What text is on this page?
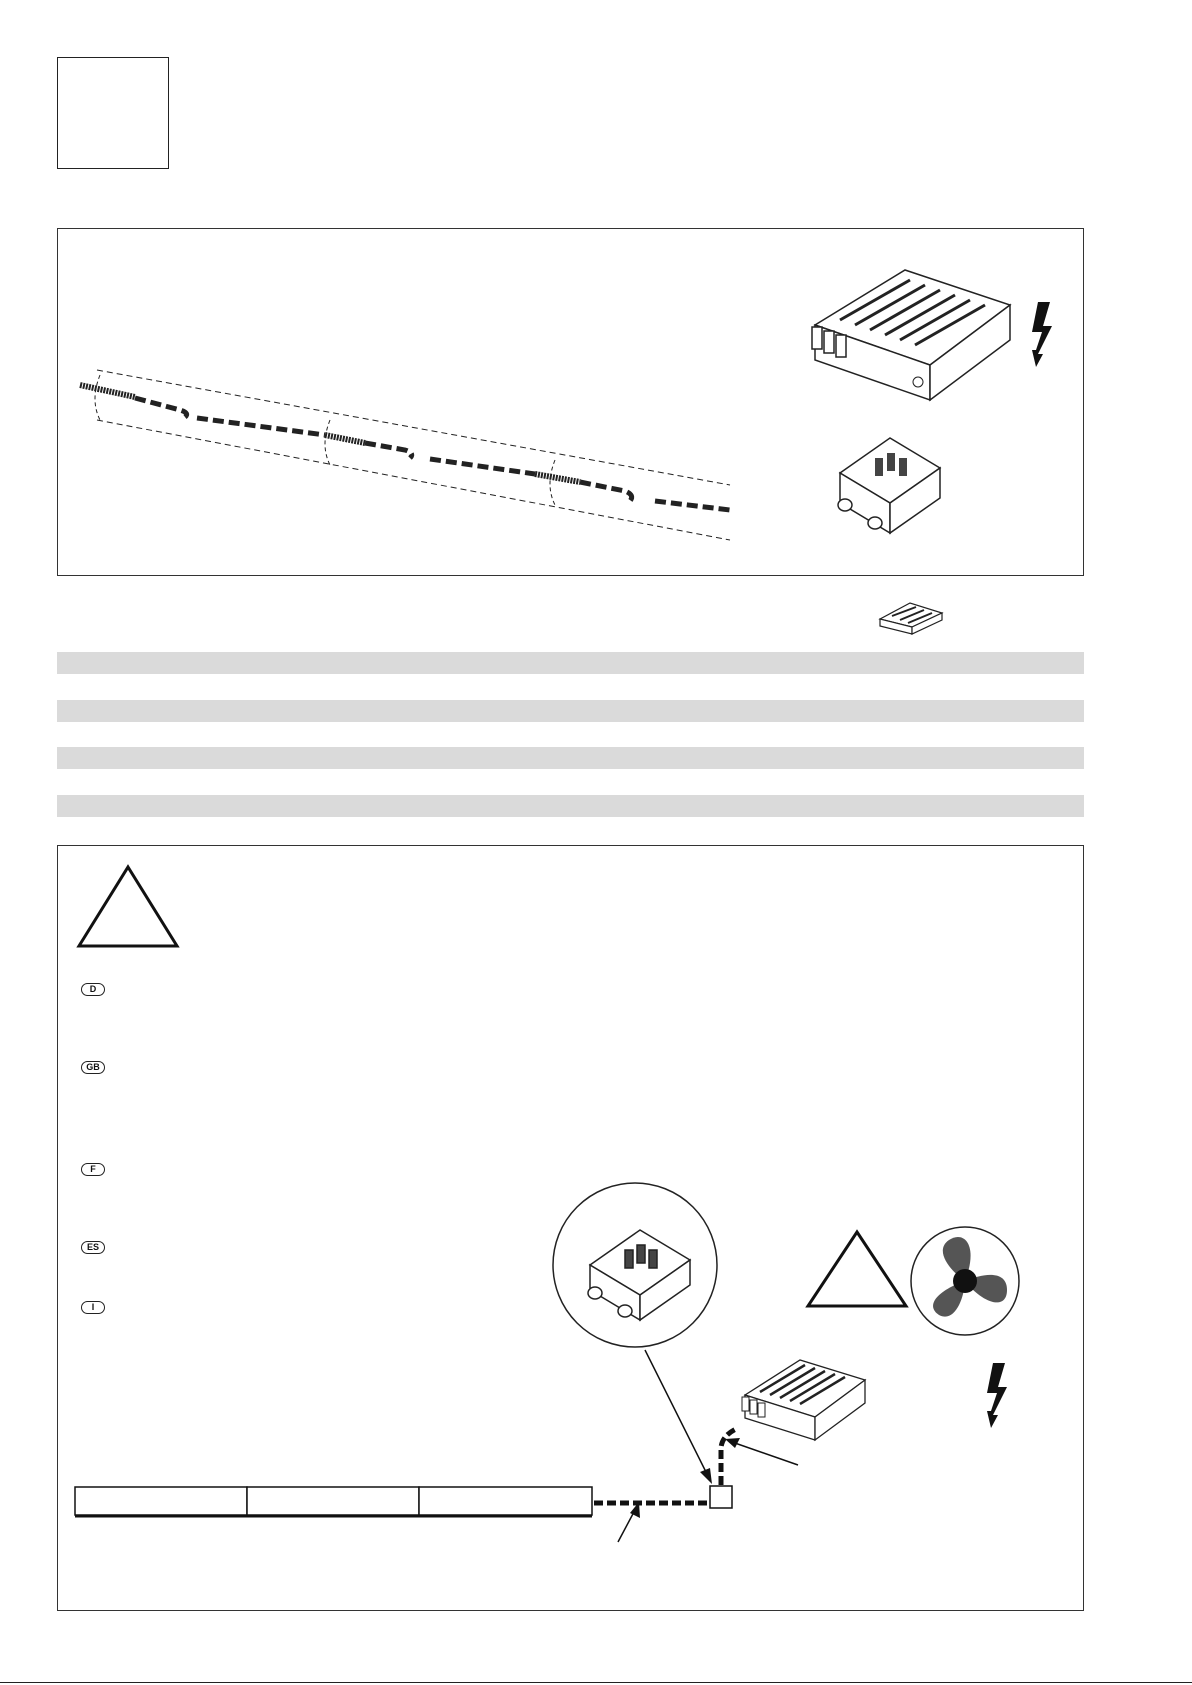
D
GB
F
ES
I
